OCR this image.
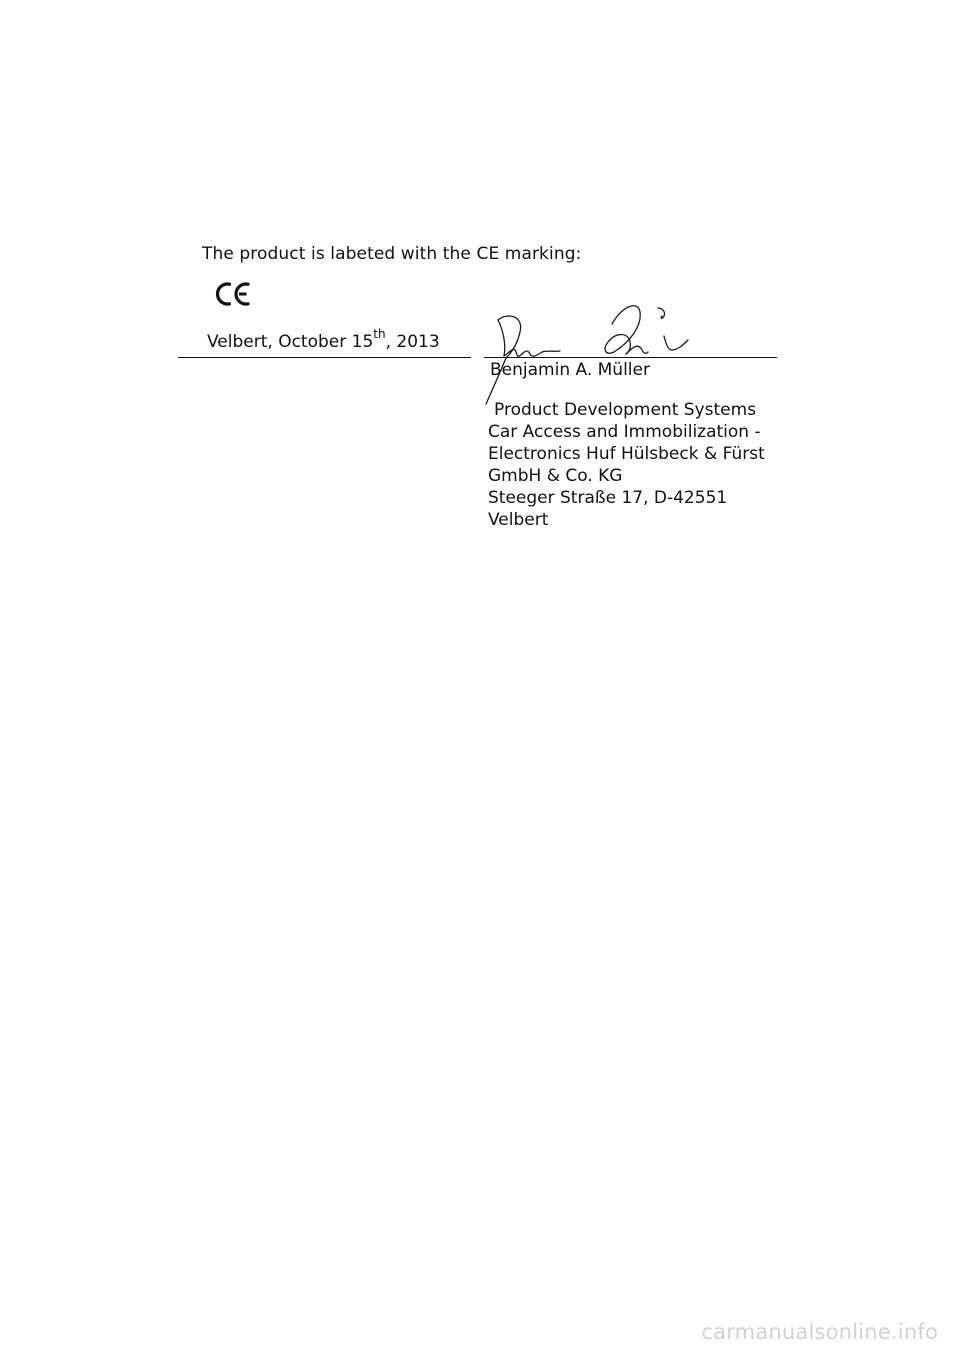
The product is labeted with the CE marking:
Velbert, October 15th, 2013
Benjamin A. Müller
Product Development Systems
Car Access and Immobilization -
Electronics Huf Hülsbeck & Fürst
GmbH & Co. KG
Steeger Straße 17, D-42551
Velbert
carmanualsonline.info
